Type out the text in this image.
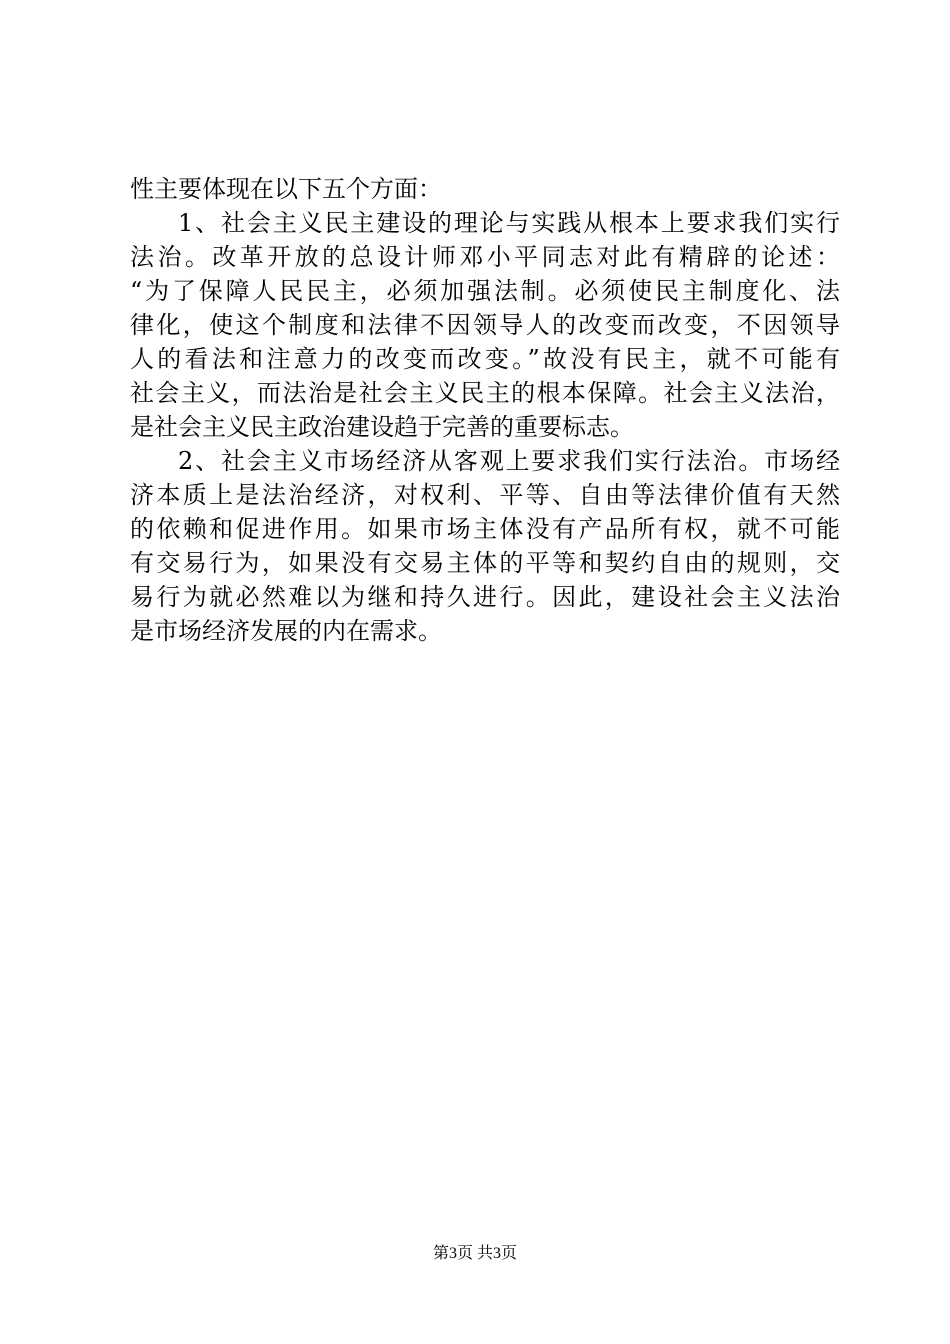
性主要体现在以下五个方面：
1、社会主义民主建设的理论与实践从根本上要求我们实行
法治。改革开放的总设计师邓小平同志对此有精辟的论述：
“为了保障人民民主，必须加强法制。必须使民主制度化、法
律化，使这个制度和法律不因领导人的改变而改变，不因领导
人的看法和注意力的改变而改变。”故没有民主，就不可能有
社会主义，而法治是社会主义民主的根本保障。社会主义法治，
是社会主义民主政治建设趋于完善的重要标志。
2、社会主义市场经济从客观上要求我们实行法治。市场经
济本质上是法治经济，对权利、平等、自由等法律价值有天然
的依赖和促进作用。如果市场主体没有产品所有权，就不可能
有交易行为，如果没有交易主体的平等和契约自由的规则，交
易行为就必然难以为继和持久进行。因此，建设社会主义法治
是市场经济发展的内在需求。
第3页 共3页
